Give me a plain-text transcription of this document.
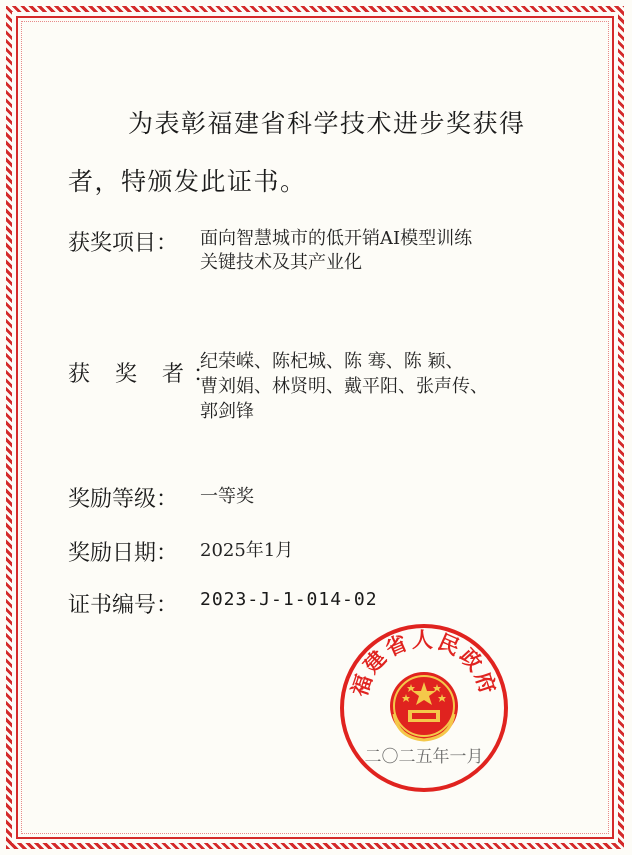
为表彰福建省科学技术进步奖获得
者，特颁发此证书。
获奖项目： 面向智慧城市的低开销AI模型训练
关键技术及其产业化
获 奖 者：
纪荣嵘、陈杞城、陈 骞、陈 颖、
曹刘娟、林贤明、戴平阳、张声传、
郭剑锋
奖励等级： 一等奖
奖励日期： 2025年1月
证书编号： 2023-J-1-014-02
福建省人民政府
二〇二五年一月
